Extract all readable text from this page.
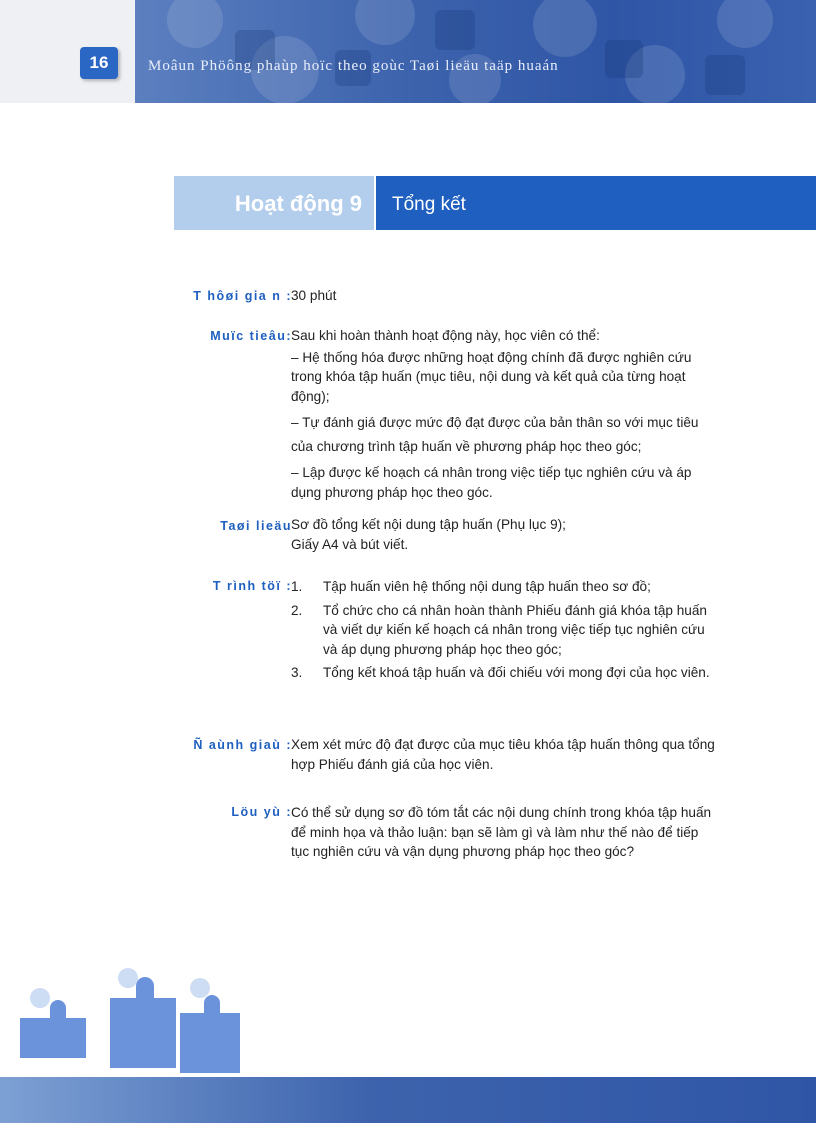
16	Moâun Phöông phaùp hoïc theo goùc Taøi lieäu taäp huaán
Hoạt động 9	Tổng kết
T hôøi gia n : 30 phút
Muïc tieâu: Sau khi hoàn thành hoạt động này, học viên có thể:

– Hệ thống hóa được những hoạt động chính đã được nghiên cứu trong khóa tập huấn (mục tiêu, nội dung và kết quả của từng hoạt động);

– Tự đánh giá được mức độ đạt được của bản thân so với mục tiêu của chương trình tập huấn về phương pháp học theo góc;

– Lập được kế hoạch cá nhân trong việc tiếp tục nghiên cứu và áp dụng phương pháp học theo góc.

Taøi lieäu Sơ đồ tổng kết nội dung tập huấn (Phụ lục 9);

Giấy A4 và bút viết.

T rình töï : 1. Tập huấn viên hệ thống nội dung tập huấn theo sơ đồ;
2. Tổ chức cho cá nhân hoàn thành Phiếu đánh giá khóa tập huấn và viết dự kiến kế hoạch cá nhân trong việc tiếp tục nghiên cứu và áp dụng phương pháp học theo góc;
3. Tổng kết khoá tập huấn và đối chiếu với mong đợi của học viên.
Ñ aùnh giaù : Xem xét mức độ đạt được của mục tiêu khóa tập huấn thông qua tổng hợp Phiếu đánh giá của học viên.
Löu yù : Có thể sử dụng sơ đồ tóm tắt các nội dung chính trong khóa tập huấn để minh họa và thảo luận: bạn sẽ làm gì và làm như thế nào để tiếp tục nghiên cứu và vận dụng phương pháp học theo góc?
